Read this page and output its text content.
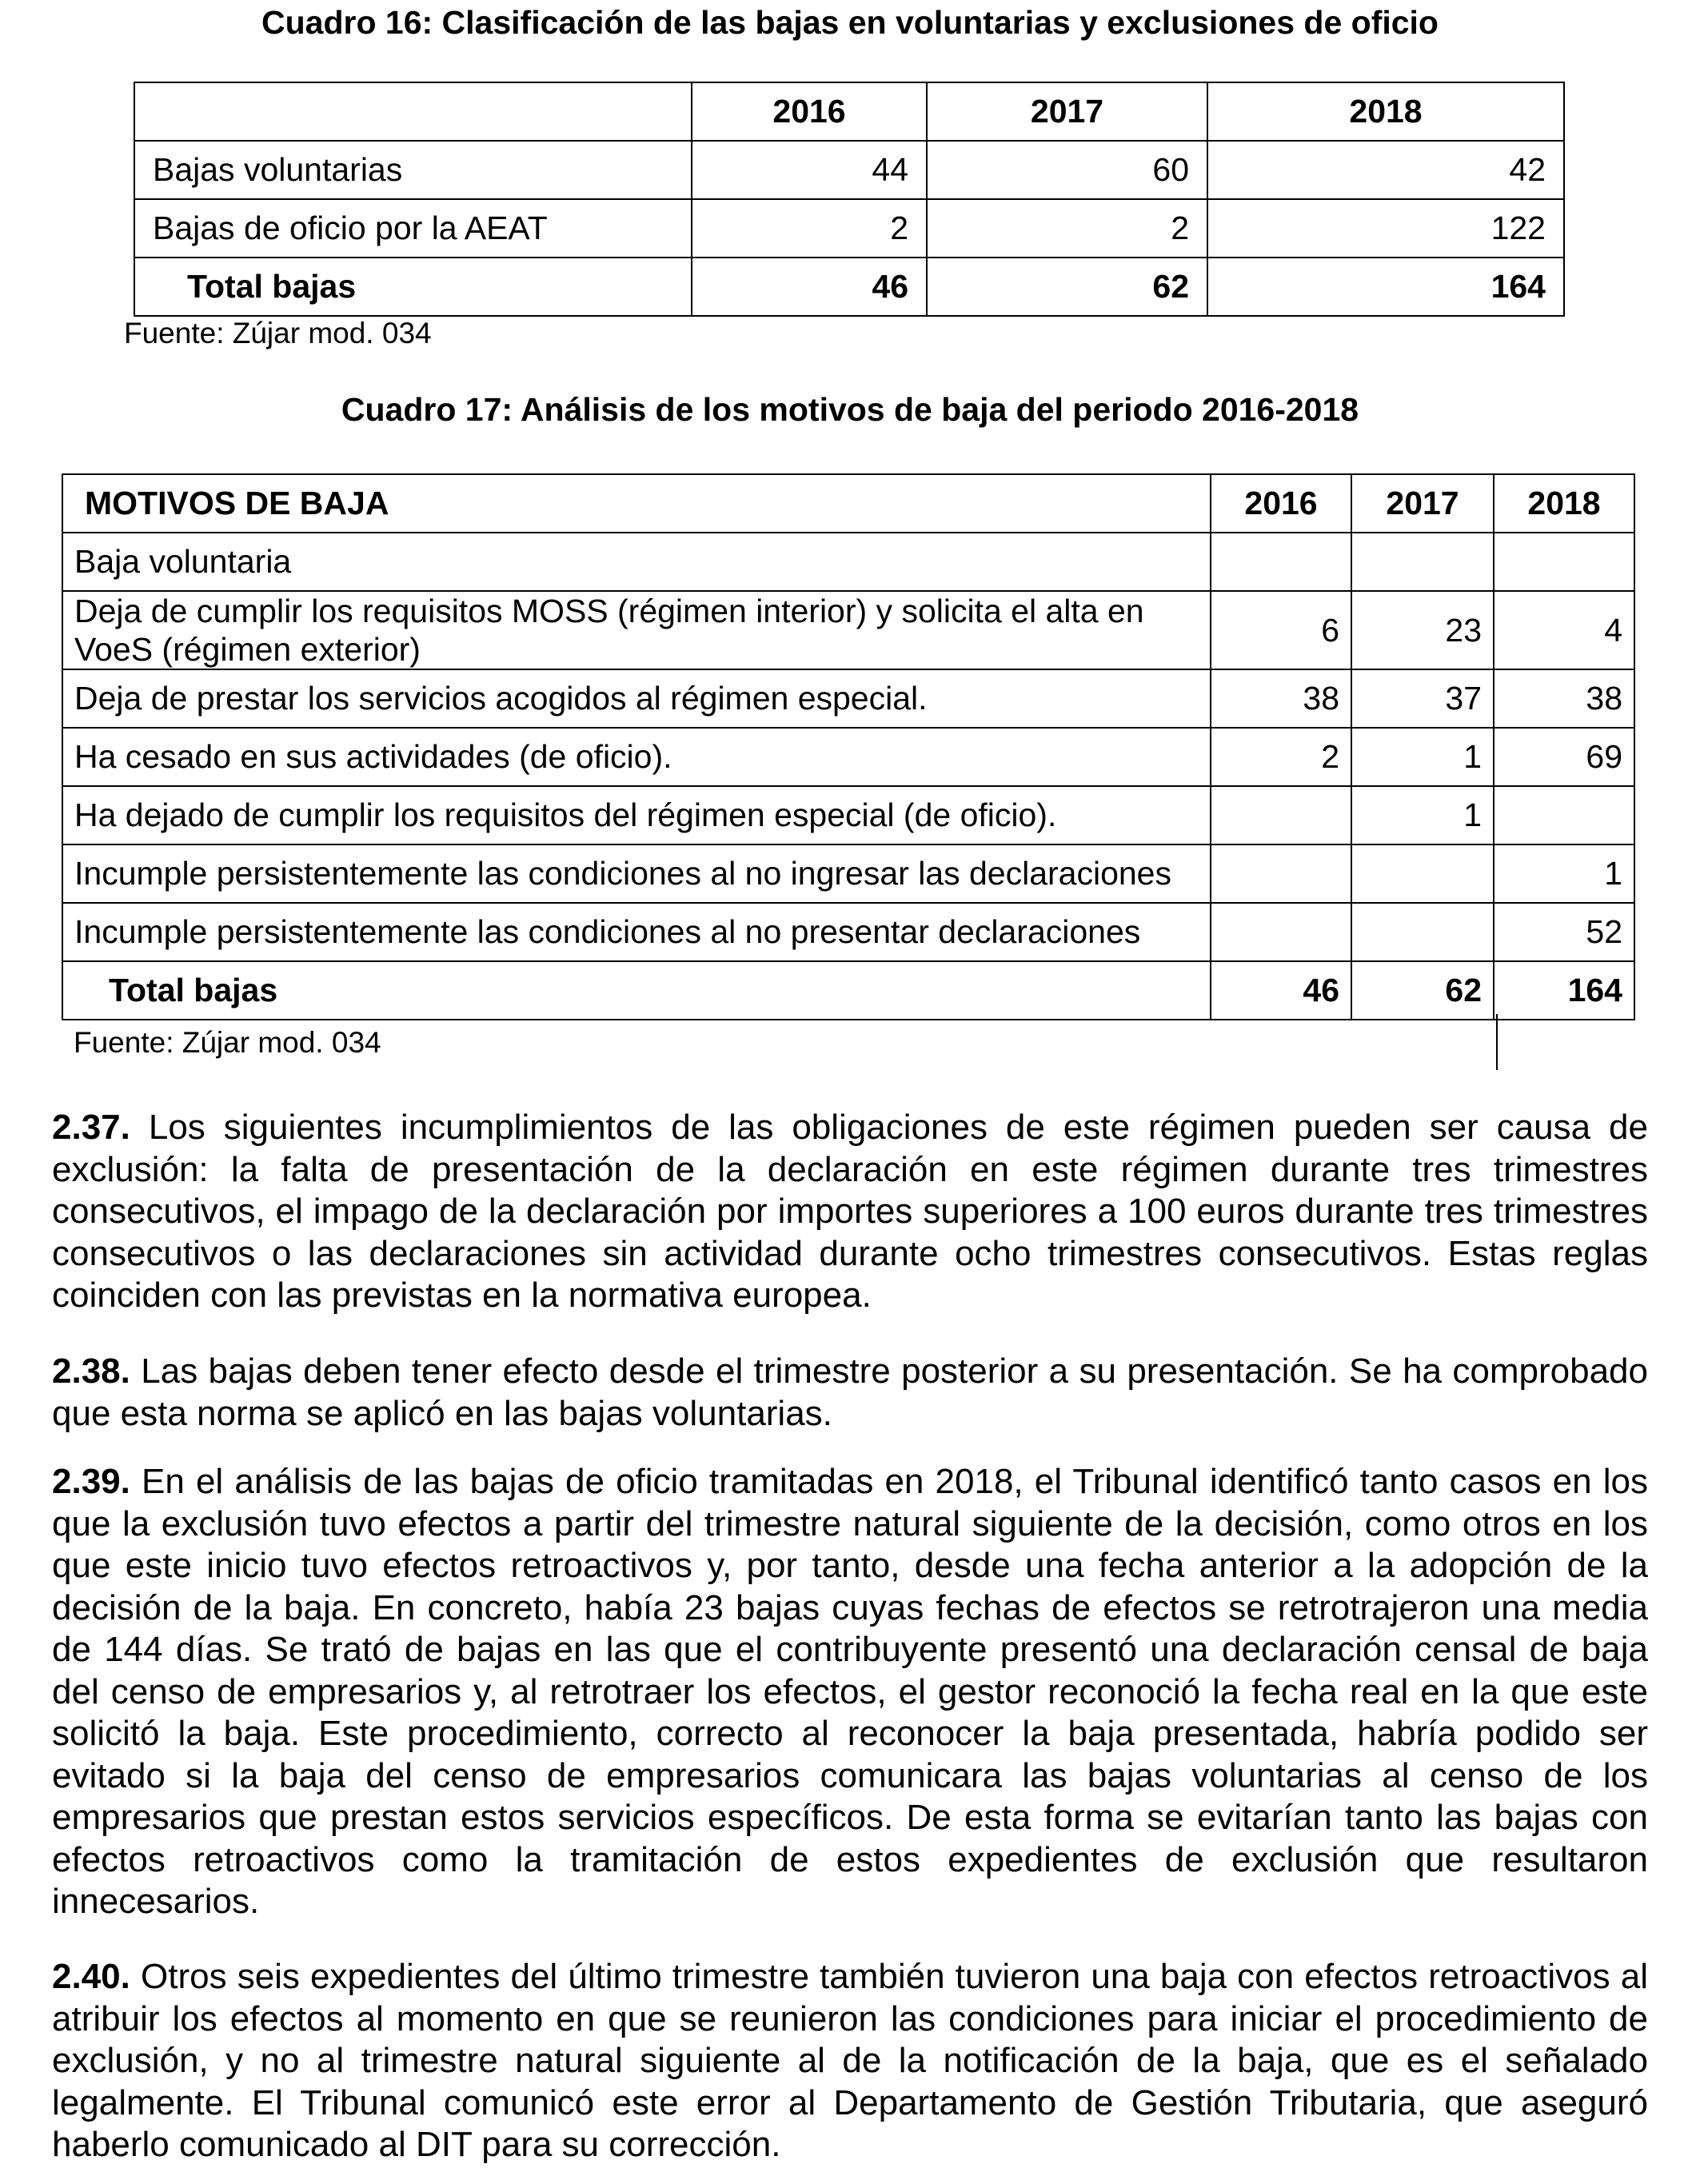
Cuadro 16: Clasificación de las bajas en voluntarias y exclusiones de oficio
	2016	2017	2018
Bajas voluntarias	44	60	42
Bajas de oficio por la AEAT	2	2	122
Total bajas	46	62	164

Fuente: Zújar mod. 034

Cuadro 17: Análisis de los motivos de baja del periodo 2016-2018
MOTIVOS DE BAJA	2016	2017	2018
Baja voluntaria			
Deja de cumplir los requisitos MOSS (régimen interior) y solicita el alta en VoeS (régimen exterior)	6	23	4
Deja de prestar los servicios acogidos al régimen especial.	38	37	38
Ha cesado en sus actividades (de oficio).	2	1	69
Ha dejado de cumplir los requisitos del régimen especial (de oficio).		1	
Incumple persistentemente las condiciones al no ingresar las declaraciones			1
Incumple persistentemente las condiciones al no presentar declaraciones			52
Total bajas	46	62	164

Fuente: Zújar mod. 034

2.37. Los siguientes incumplimientos de las obligaciones de este régimen pueden ser causa de exclusión: la falta de presentación de la declaración en este régimen durante tres trimestres consecutivos, el impago de la declaración por importes superiores a 100 euros durante tres trimestres consecutivos o las declaraciones sin actividad durante ocho trimestres consecutivos. Estas reglas coinciden con las previstas en la normativa europea.

2.38. Las bajas deben tener efecto desde el trimestre posterior a su presentación. Se ha comprobado que esta norma se aplicó en las bajas voluntarias.

2.39. En el análisis de las bajas de oficio tramitadas en 2018, el Tribunal identificó tanto casos en los que la exclusión tuvo efectos a partir del trimestre natural siguiente de la decisión, como otros en los que este inicio tuvo efectos retroactivos y, por tanto, desde una fecha anterior a la adopción de la decisión de la baja. En concreto, había 23 bajas cuyas fechas de efectos se retrotrajeron una media de 144 días. Se trató de bajas en las que el contribuyente presentó una declaración censal de baja del censo de empresarios y, al retrotraer los efectos, el gestor reconoció la fecha real en la que este solicitó la baja. Este procedimiento, correcto al reconocer la baja presentada, habría podido ser evitado si la baja del censo de empresarios comunicara las bajas voluntarias al censo de los empresarios que prestan estos servicios específicos. De esta forma se evitarían tanto las bajas con efectos retroactivos como la tramitación de estos expedientes de exclusión que resultaron innecesarios.

2.40. Otros seis expedientes del último trimestre también tuvieron una baja con efectos retroactivos al atribuir los efectos al momento en que se reunieron las condiciones para iniciar el procedimiento de exclusión, y no al trimestre natural siguiente al de la notificación de la baja, que es el señalado legalmente. El Tribunal comunicó este error al Departamento de Gestión Tributaria, que aseguró haberlo comunicado al DIT para su corrección.
